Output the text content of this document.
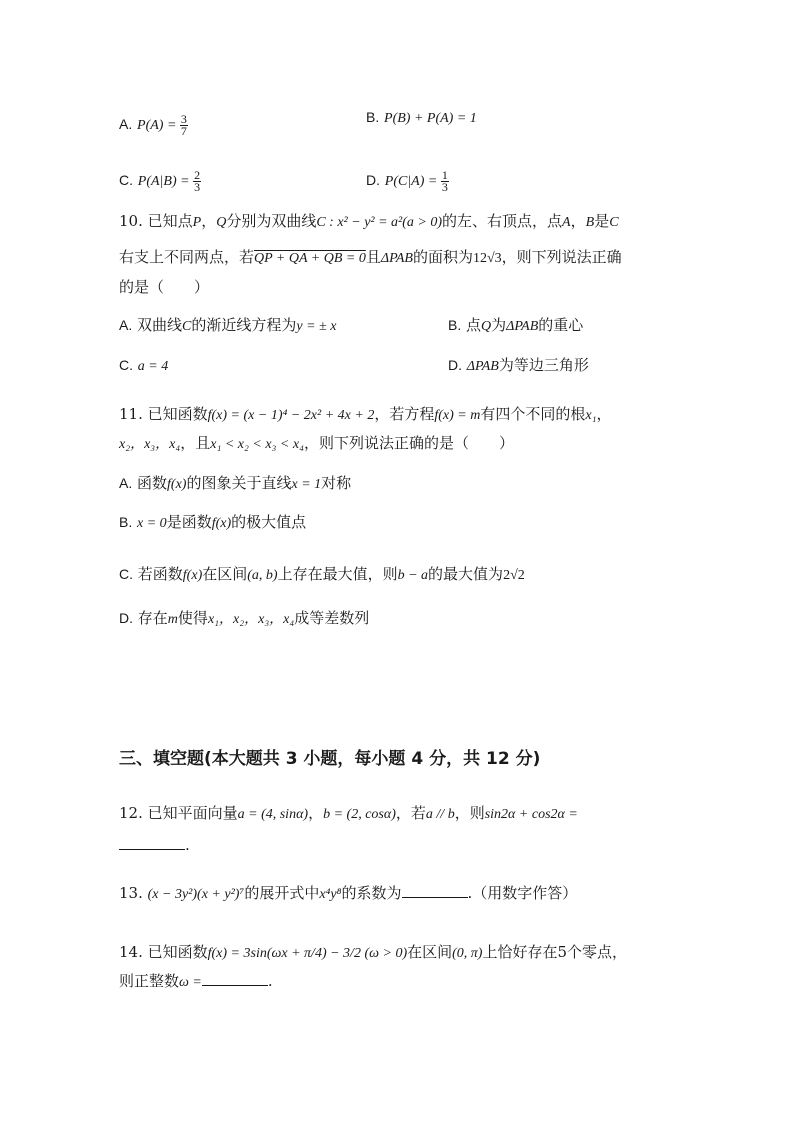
A. $P(A) = \frac{3}{7}$	B. P(B) + P(A) = 1
C. $P(A|B) = \frac{2}{3}$	D. $P(C|A) = \frac{1}{3}$
10. 已知点P，Q分别为双曲线C : x² − y² = a²(a > 0)的左、右顶点，点A，B是C
右支上不同两点，若QP + QA + QB = 0且ΔPAB的面积为12√3，则下列说法正确
的是（　　）
A. 双曲线C的渐近线方程为y = ± x	B. 点Q为ΔPAB的重心
C. a = 4	D. ΔPAB为等边三角形
11. 已知函数f(x) = (x − 1)⁴ − 2x² + 4x + 2，若方程f(x) = m有四个不同的根x₁，
x₂，x₃，x₄，且x₁ < x₂ < x₃ < x₄，则下列说法正确的是（　　）
A. 函数f(x)的图象关于直线x = 1对称
B. x = 0是函数f(x)的极大值点
C. 若函数f(x)在区间(a, b)上存在最大值，则b − a的最大值为2√2
D. 存在m使得x₁，x₂，x₃，x₄成等差数列
三、填空题(本大题共 3 小题，每小题 4 分，共 12 分)
12. 已知平面向量a = (4, sinα)，b = (2, cosα)，若a // b，则sin2α + cos2α =
.
13. (x − 3y²)(x + y²)⁷的展开式中x⁴y⁸的系数为	.（用数字作答）
14. 已知函数f(x) = 3sin(ωx + π/4) − 3/2 (ω > 0)在区间(0, π)上恰好存在5个零点，
则正整数ω =	.
